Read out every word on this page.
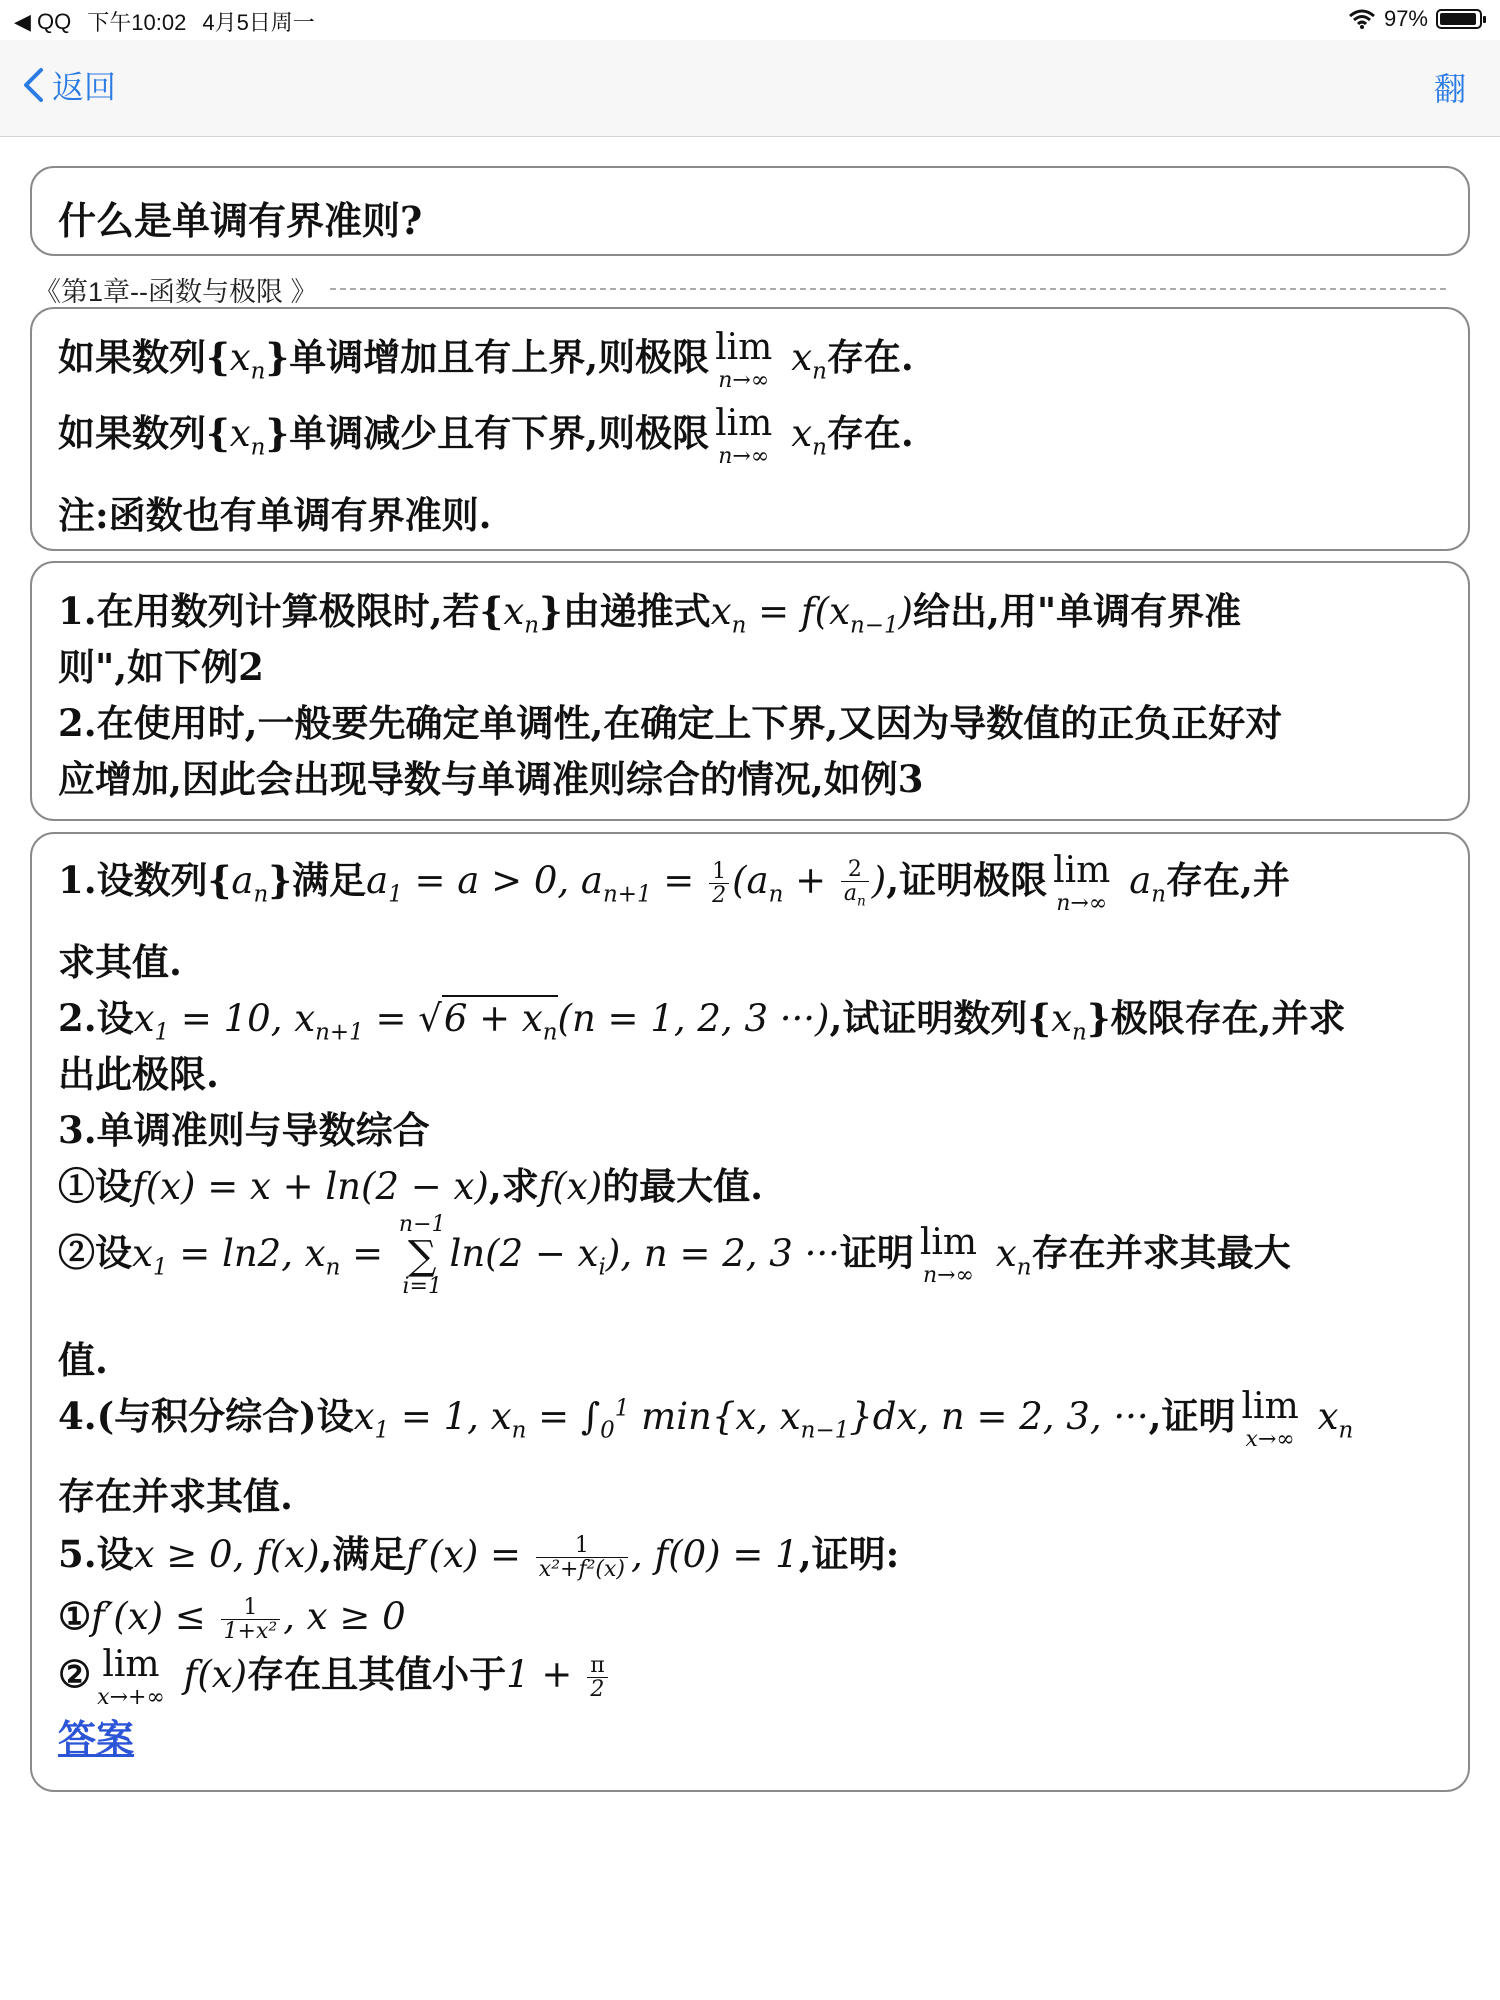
◀ QQ 下午10:02 4月5日周一	97%
返回	翻
什么是单调有界准则?
《第1章--函数与极限 》
如果数列$\{x_n\}$单调增加且有上界,则极限 lim
n→∞
$x_n$存在.
如果数列$\{x_n\}$单调减少且有下界,则极限 lim
n→∞
$x_n$存在.
注:函数也有单调有界准则.
1.在用数列计算极限时,若$\{x_n\}$由递推式$x_n = f(x_{n-1})$给出,用"单调有界准
则",如下例2
2.在使用时,一般要先确定单调性,在确定上下界,又因为导数值的正负正好对
应增加,因此会出现导数与单调准则综合的情况,如例3
1.设数列$\{a_n\}$满足$a_1 = a > 0$, $a_{n+1} = \frac{1}{2} (a_n + \frac{2}{a_n}$ ),证明极限 lim
n→∞
$a_n$存在,并
求其值.
2.设$x_1 = 10$, $x_{n+1} = √6 + x_n(n = 1$, 2, 3 ···),试证明数列$\{x_n\}$极限存在,并求
出此极限.
3.单调准则与导数综合
①设f(x) = x + ln(2 − x),求f(x)的最大值.
②设$x_1 = \ln 2$, $x_n$ =
n−1
∑
i=1
$\ln(2 - x_i)$, n = 2, 3 ···证明 lim
n→∞
$x_n$存在并求其最大
值.
4.(与积分综合)设$x_1 = 1$, $x_n = \int_0^1$ min{x, $x_{n-1}\}dx$, n = 2, 3, ···,证明 lim
x→∞
$x_n$
存在并求其值.
5.设x ≥ 0, f(x),满足$f'(x) = \frac{1}{\text{x²+f²(x)}}$ , f(0) = 1,证明:
①f′(x) ≤ $\frac{1}{\text{1+x²}}$ , x ≥ 0
② lim
x→+∞
f(x)存在且其值小于$1 + \frac{\pi}{2}$
答案
